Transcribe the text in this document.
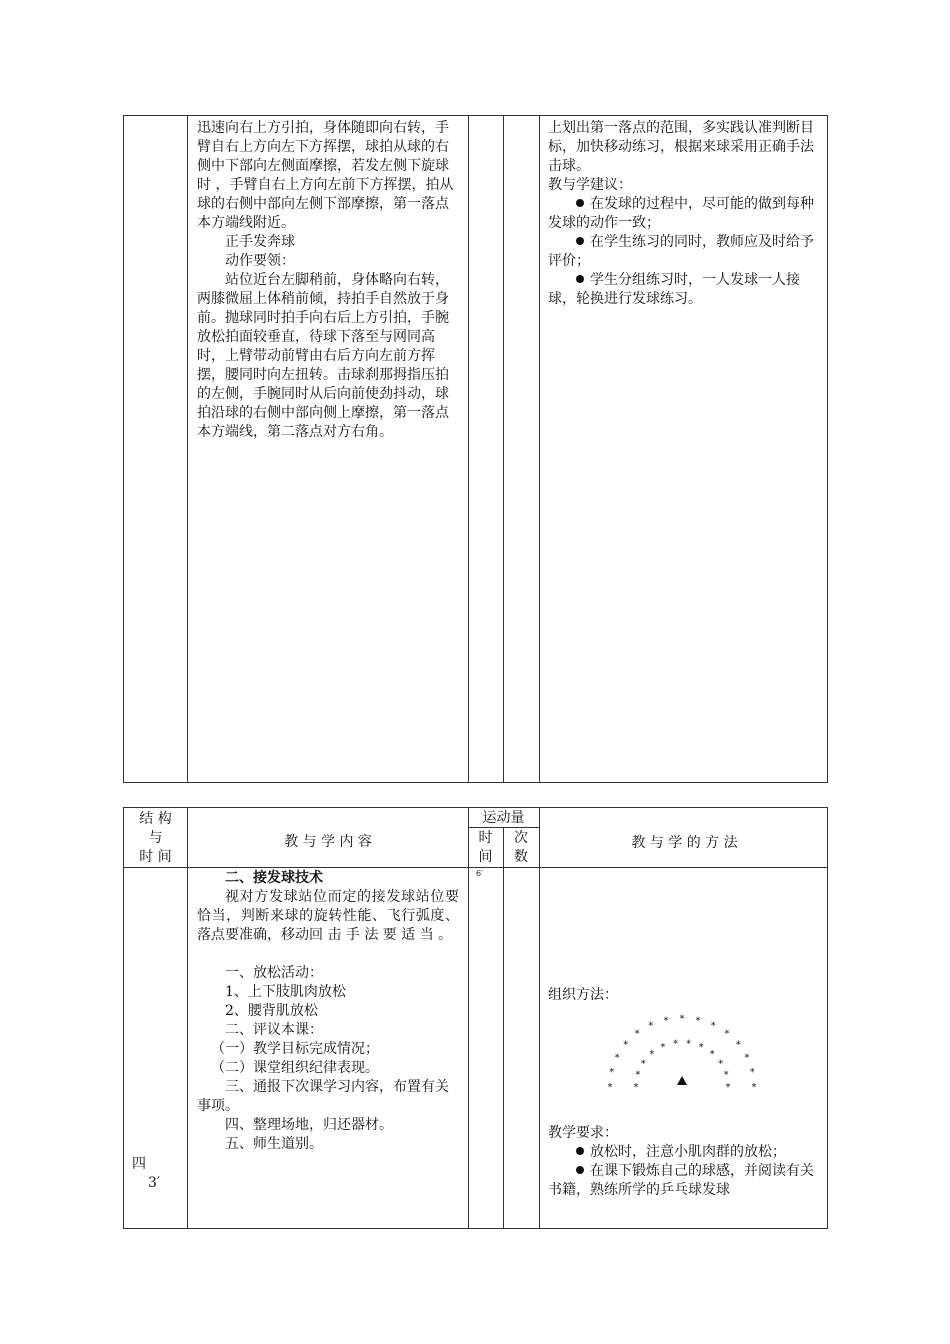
迅速向右上方引拍，身体随即向右转，手臂自右上方向左下方挥摆，球拍从球的右侧中下部向左侧面摩擦，若发左侧下旋球时 ，手臂自右上方向左前下方挥摆，拍从球的右侧中部向左侧下部摩擦，第一落点本方端线附近。

正手发奔球

动作要领：

站位近台左脚稍前，身体略向右转，两膝微屈上体稍前倾，持拍手自然放于身前。抛球同时拍手向右后上方引拍，手腕放松拍面较垂直，待球下落至与网同高时，上臂带动前臂由右后方向左前方挥摆，腰同时向左扭转。击球刹那拇指压拍的左侧，手腕同时从后向前使劲抖动，球拍沿球的右侧中部向侧上摩擦，第一落点本方端线，第二落点对方右角。

上划出第一落点的范围，多实践认准判断目标，加快移动练习，根据来球采用正确手法击球。

教与学建议：

在发球的过程中，尽可能的做到每种发球的动作一致；

在学生练习的同时，教师应及时给予评价；

学生分组练习时，一人发球一人接球，轮换进行发球练习。

结 构
与
时 间
教 与 学 内 容
运动量
时
间
次
数
教 与 学 的 方 法
四
3′
6′

二、接发球技术

视对方发球站位而定的接发球站位要恰当，判断来球的旋转性能、飞行弧度、落点要准确，移动回 击 手 法 要 适 当 。

一、放松活动：

1、上下肢肌肉放松

2、腰背肌放松

二、评议本课：

（一）教学目标完成情况；

（二）课堂组织纪律表现。

三、通报下次课学习内容，布置有关事项。

四、整理场地，归还器材。

五、师生道别。

组织方法：
*
*
*
*
*
* * * * *
*
*
*
*
*
*
*
*
*
* * * *
*
*
*
*

教学要求：

放松时，注意小肌肉群的放松；

在课下锻炼自己的球感，并阅读有关书籍，熟练所学的乒乓球发球
